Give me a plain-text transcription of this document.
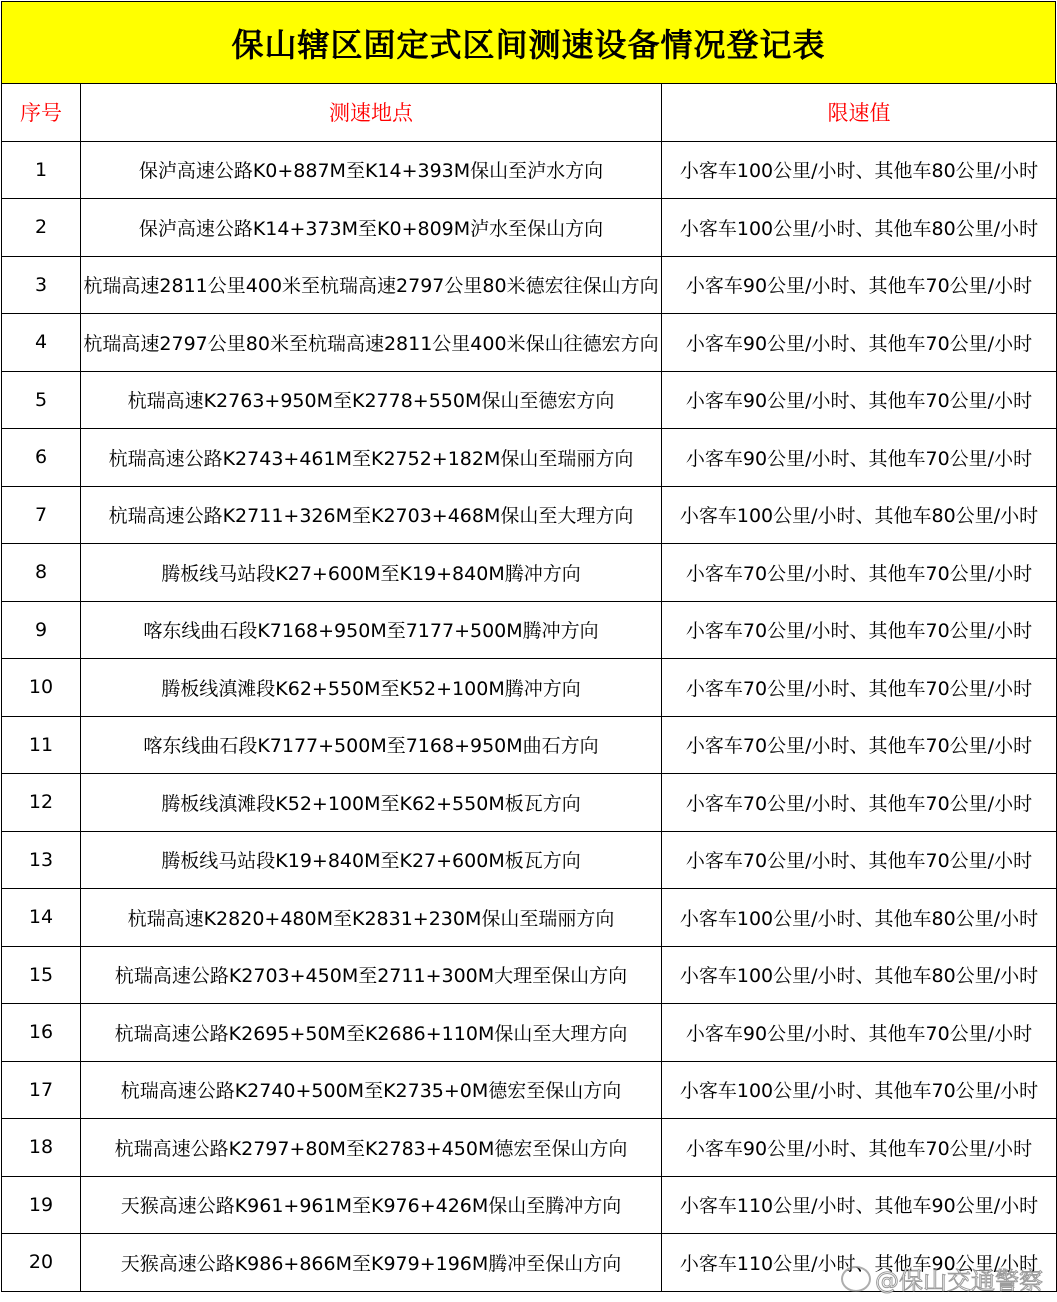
保山辖区固定式区间测速设备情况登记表
序号	测速地点	限速值
1	保泸高速公路K0+887M至K14+393M保山至泸水方向	小客车100公里/小时、其他车80公里/小时
2	保泸高速公路K14+373M至K0+809M泸水至保山方向	小客车100公里/小时、其他车80公里/小时
3	杭瑞高速2811公里400米至杭瑞高速2797公里80米德宏往保山方向	小客车90公里/小时、其他车70公里/小时
4	杭瑞高速2797公里80米至杭瑞高速2811公里400米保山往德宏方向	小客车90公里/小时、其他车70公里/小时
5	杭瑞高速K2763+950M至K2778+550M保山至德宏方向	小客车90公里/小时、其他车70公里/小时
6	杭瑞高速公路K2743+461M至K2752+182M保山至瑞丽方向	小客车90公里/小时、其他车70公里/小时
7	杭瑞高速公路K2711+326M至K2703+468M保山至大理方向	小客车100公里/小时、其他车80公里/小时
8	腾板线马站段K27+600M至K19+840M腾冲方向	小客车70公里/小时、其他车70公里/小时
9	喀东线曲石段K7168+950M至7177+500M腾冲方向	小客车70公里/小时、其他车70公里/小时
10	腾板线滇滩段K62+550M至K52+100M腾冲方向	小客车70公里/小时、其他车70公里/小时
11	喀东线曲石段K7177+500M至7168+950M曲石方向	小客车70公里/小时、其他车70公里/小时
12	腾板线滇滩段K52+100M至K62+550M板瓦方向	小客车70公里/小时、其他车70公里/小时
13	腾板线马站段K19+840M至K27+600M板瓦方向	小客车70公里/小时、其他车70公里/小时
14	杭瑞高速K2820+480M至K2831+230M保山至瑞丽方向	小客车100公里/小时、其他车80公里/小时
15	杭瑞高速公路K2703+450M至2711+300M大理至保山方向	小客车100公里/小时、其他车80公里/小时
16	杭瑞高速公路K2695+50M至K2686+110M保山至大理方向	小客车90公里/小时、其他车70公里/小时
17	杭瑞高速公路K2740+500M至K2735+0M德宏至保山方向	小客车100公里/小时、其他车70公里/小时
18	杭瑞高速公路K2797+80M至K2783+450M德宏至保山方向	小客车90公里/小时、其他车70公里/小时
19	天猴高速公路K961+961M至K976+426M保山至腾冲方向	小客车110公里/小时、其他车90公里/小时
20	天猴高速公路K986+866M至K979+196M腾冲至保山方向	小客车110公里/小时、其他车90公里/小时
@保山交通警察
